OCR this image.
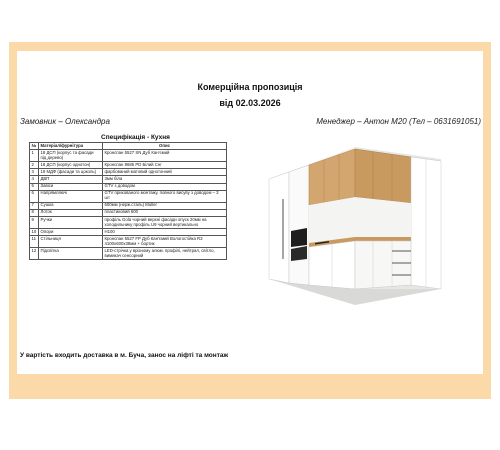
Комерційна пропозиція
від 02.03.2026
Замовник – Олександра	Менеджер – Антон М20 (Тел – 0631691051)
Специфікація - Кухня
№	Матеріал/фурнітура	Опис
1	18 ДСП (корпус та фасади під дерево)	Кронспан 5527 SN Дуб Кан'ємий
2	18 ДСП (корпус однотон)	Кронспан 8685 PD Білий Снг
3	19 МДФ (фасади та цоколь)	фарбований матовий однотонний
4	ДВП	3мм біла
5	Завіси	GTV з доводом
6	Напрямляючі	GTV прихованого монтажу, повного висуву з доводом – 3 шт
7	Сушка	600мм (нерж.сталь) Muller
8	Лоток	пластиковий 600
9	Ручки	профіль Gola чорний верхні фасади опуск 20мм на холодильнику профіль U9 чорний вертикально
10	Опори	Н100
11	Стільниця	Кронспан 5527 FP Дуб Кан'ємий Вологостійка R3 4100х600х38мм + бортик
12	Підсвітка	LED-стрічка у врізному алюм. профілі, нейтрал, світло, вимикач сенсорний
У вартість входить доставка в м. Буча, занос на ліфті та монтаж
